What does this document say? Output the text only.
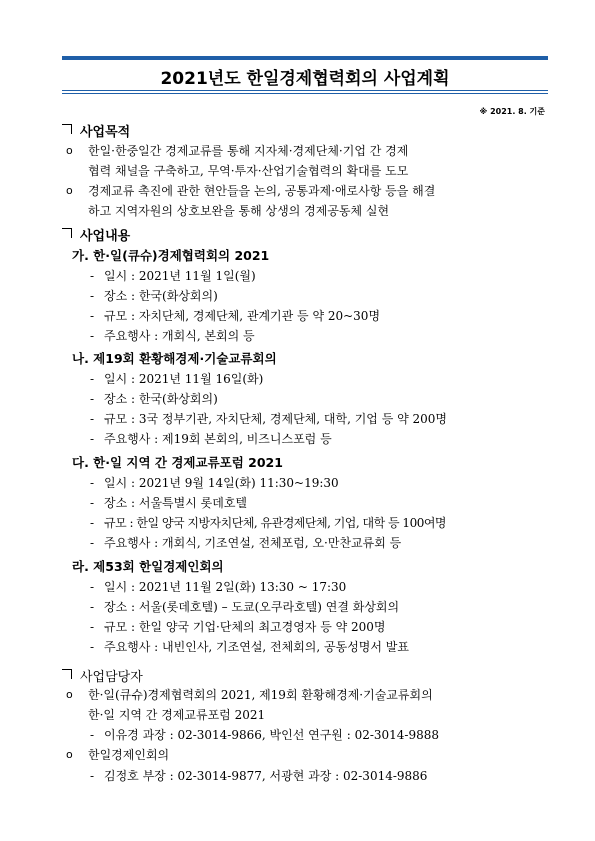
2021년도 한일경제협력회의 사업계획
※ 2021. 8. 기준
사업목적
o 한일·한중일간 경제교류를 통해 지자체·경제단체·기업 간 경제
협력 채널을 구축하고, 무역·투자·산업기술협력의 확대를 도모
o 경제교류 촉진에 관한 현안들을 논의, 공통과제·애로사항 등을 해결
하고 지역자원의 상호보완을 통해 상생의 경제공동체 실현
사업내용
가. 한·일(큐슈)경제협력회의 2021
- 일시 : 2021년 11월 1일(월)
- 장소 : 한국(화상회의)
- 규모 : 자치단체, 경제단체, 관계기관 등 약 20~30명
- 주요행사 : 개회식, 본회의 등
나. 제19회 환황해경제·기술교류회의
- 일시 : 2021년 11월 16일(화)
- 장소 : 한국(화상회의)
- 규모 : 3국 정부기관, 자치단체, 경제단체, 대학, 기업 등 약 200명
- 주요행사 : 제19회 본회의, 비즈니스포럼 등
다. 한·일 지역 간 경제교류포럼 2021
- 일시 : 2021년 9월 14일(화) 11:30~19:30
- 장소 : 서울특별시 롯데호텔
- 규모 : 한일 양국 지방자치단체, 유관경제단체, 기업, 대학 등 100여명
- 주요행사 : 개회식, 기조연설, 전체포럼, 오·만찬교류회 등
라. 제53회 한일경제인회의
- 일시 : 2021년 11월 2일(화) 13:30 ~ 17:30
- 장소 : 서울(롯데호텔) – 도쿄(오쿠라호텔) 연결 화상회의
- 규모 : 한일 양국 기업·단체의 최고경영자 등 약 200명
- 주요행사 : 내빈인사, 기조연설, 전체회의, 공동성명서 발표
사업담당자
o 한·일(큐슈)경제협력회의 2021, 제19회 환황해경제·기술교류회의
한·일 지역 간 경제교류포럼 2021
- 이유경 과장 : 02-3014-9866, 박인선 연구원 : 02-3014-9888
o 한일경제인회의
- 김정호 부장 : 02-3014-9877, 서광현 과장 : 02-3014-9886
